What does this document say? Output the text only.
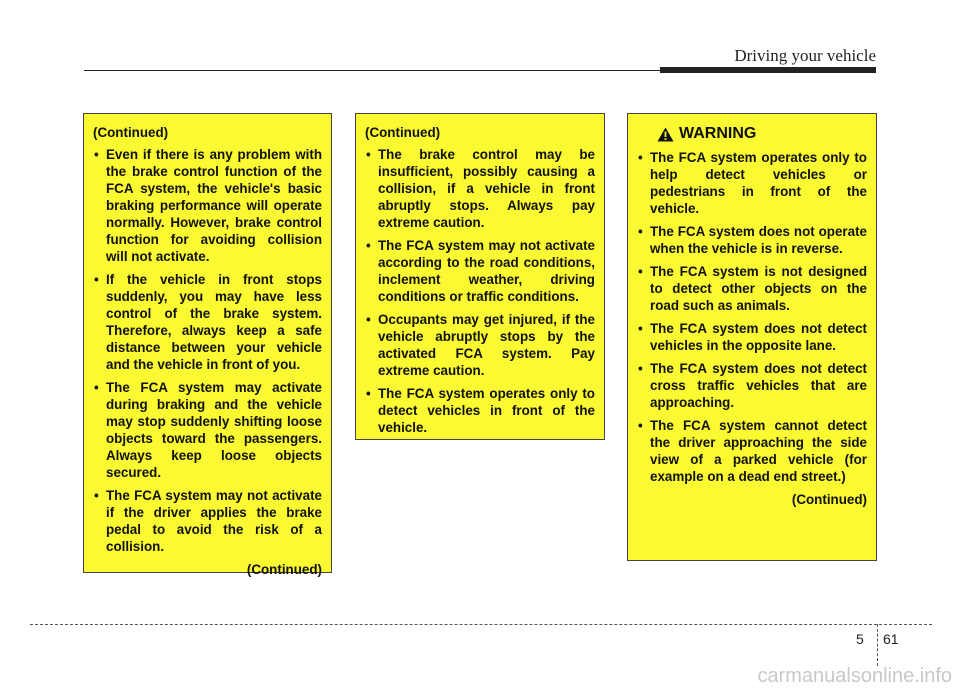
Driving your vehicle
(Continued)
• Even if there is any problem with the brake control function of the FCA system, the vehicle's basic braking performance will operate normally. However, brake control function for avoiding collision will not activate.
• If the vehicle in front stops suddenly, you may have less control of the brake system. Therefore, always keep a safe distance between your vehicle and the vehicle in front of you.
• The FCA system may activate during braking and the vehicle may stop suddenly shifting loose objects toward the passengers. Always keep loose objects secured.
• The FCA system may not activate if the driver applies the brake pedal to avoid the risk of a collision.
(Continued)
(Continued)
• The brake control may be insufficient, possibly causing a collision, if a vehicle in front abruptly stops. Always pay extreme caution.
• The FCA system may not activate according to the road conditions, inclement weather, driving conditions or traffic conditions.
• Occupants may get injured, if the vehicle abruptly stops by the activated FCA system. Pay extreme caution.
• The FCA system operates only to detect vehicles in front of the vehicle.
WARNING
• The FCA system operates only to help detect vehicles or pedestrians in front of the vehicle.
• The FCA system does not operate when the vehicle is in reverse.
• The FCA system is not designed to detect other objects on the road such as animals.
• The FCA system does not detect vehicles in the opposite lane.
• The FCA system does not detect cross traffic vehicles that are approaching.
• The FCA system cannot detect the driver approaching the side view of a parked vehicle (for example on a dead end street.)
(Continued)
5 61
carmanualsonline.info
